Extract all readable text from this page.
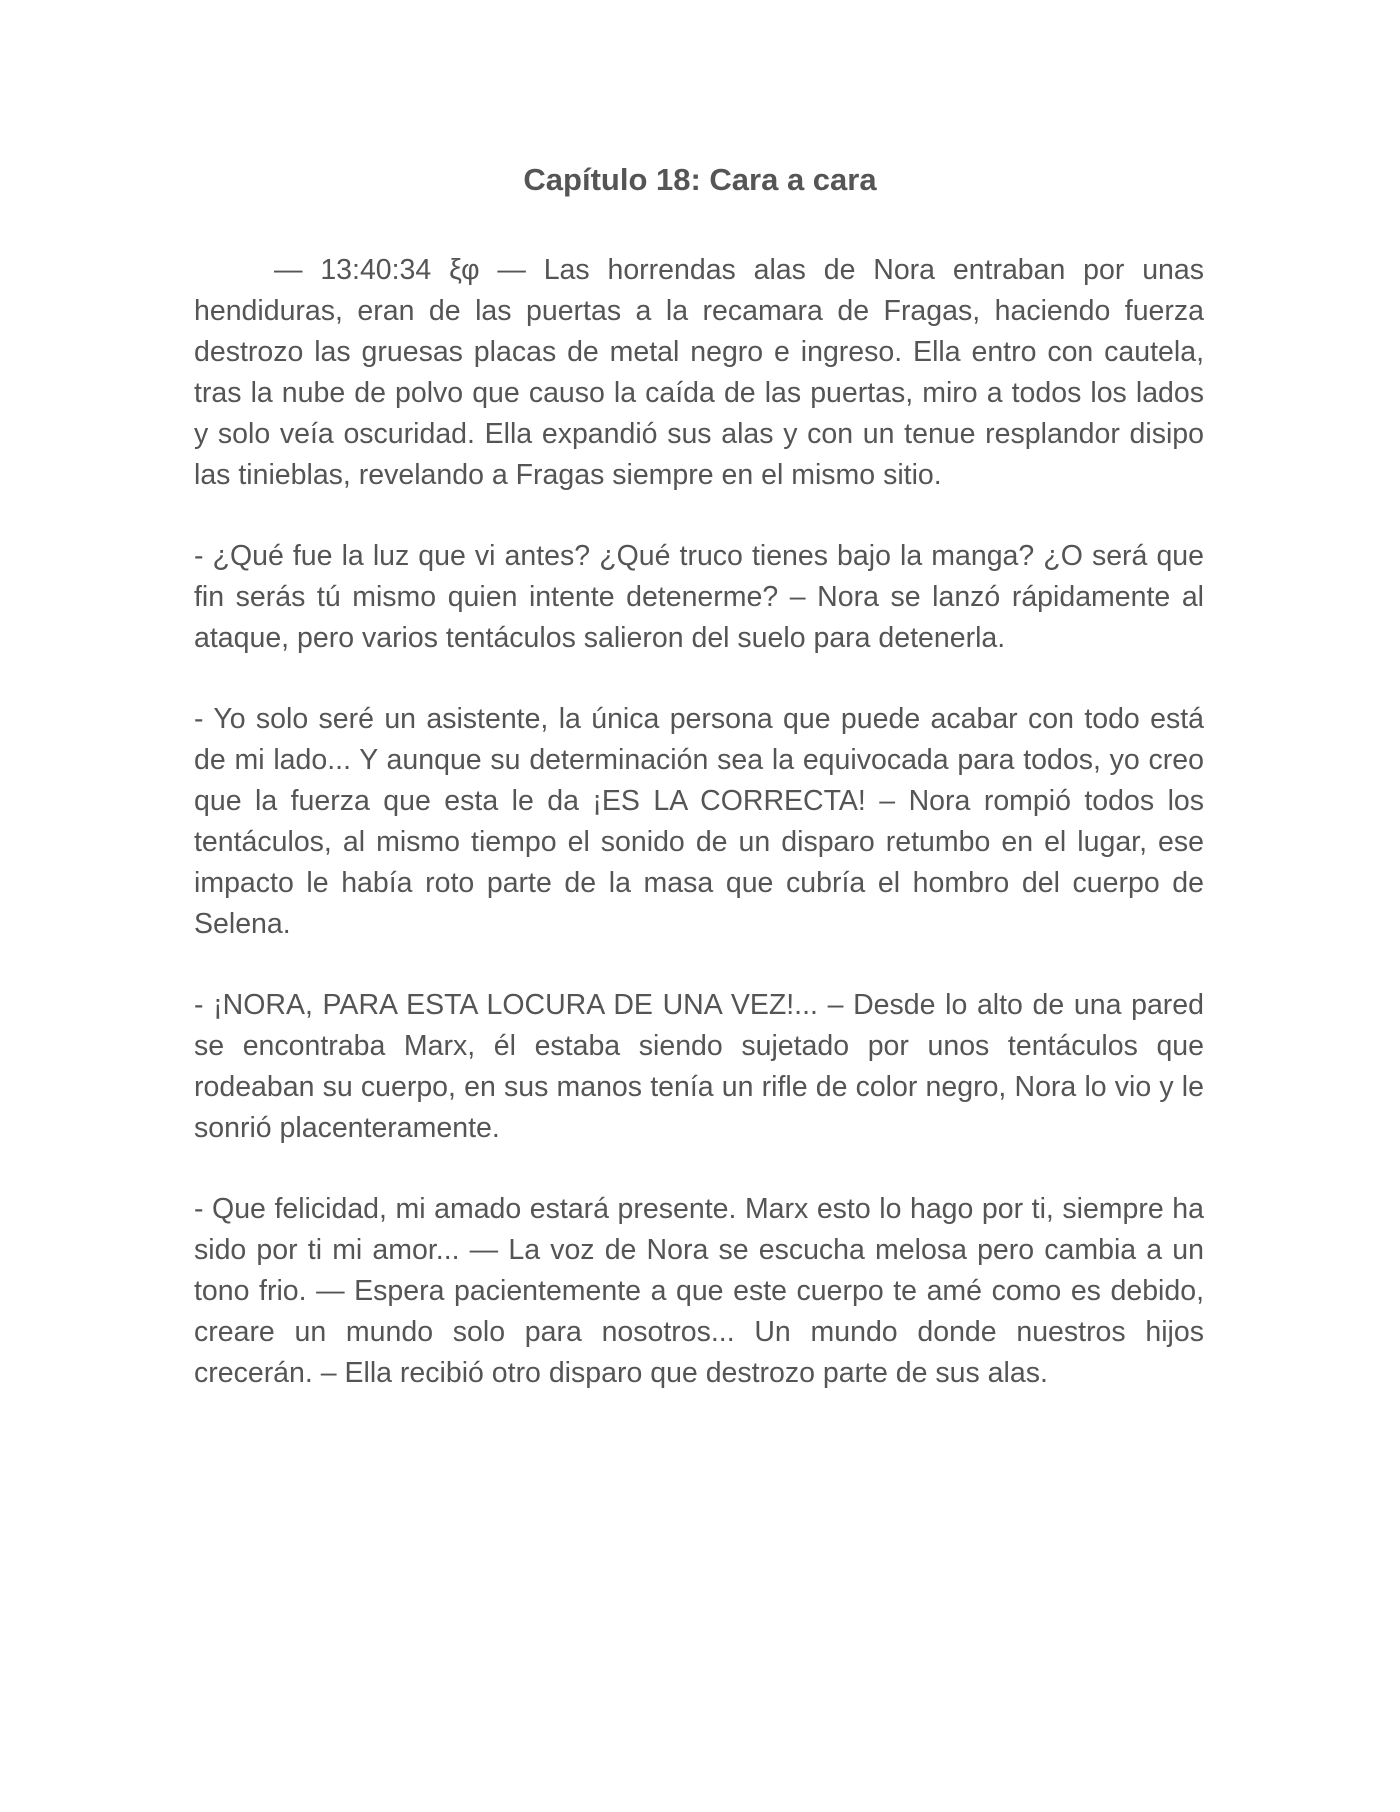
Capítulo 18: Cara a cara

— 13:40:34 ξφ — Las horrendas alas de Nora entraban por unas hendiduras, eran de las puertas a la recamara de Fragas, haciendo fuerza destrozo las gruesas placas de metal negro e ingreso. Ella entro con cautela, tras la nube de polvo que causo la caída de las puertas, miro a todos los lados y solo veía oscuridad. Ella expandió sus alas y con un tenue resplandor disipo las tinieblas, revelando a Fragas siempre en el mismo sitio.

- ¿Qué fue la luz que vi antes? ¿Qué truco tienes bajo la manga? ¿O será que fin serás tú mismo quien intente detenerme? – Nora se lanzó rápidamente al ataque, pero varios tentáculos salieron del suelo para detenerla.

- Yo solo seré un asistente, la única persona que puede acabar con todo está de mi lado... Y aunque su determinación sea la equivocada para todos, yo creo que la fuerza que esta le da ¡ES LA CORRECTA! – Nora rompió todos los tentáculos, al mismo tiempo el sonido de un disparo retumbo en el lugar, ese impacto le había roto parte de la masa que cubría el hombro del cuerpo de Selena.

- ¡NORA, PARA ESTA LOCURA DE UNA VEZ!... – Desde lo alto de una pared se encontraba Marx, él estaba siendo sujetado por unos tentáculos que rodeaban su cuerpo, en sus manos tenía un rifle de color negro, Nora lo vio y le sonrió placenteramente.

- Que felicidad, mi amado estará presente. Marx esto lo hago por ti, siempre ha sido por ti mi amor... — La voz de Nora se escucha melosa pero cambia a un tono frio. — Espera pacientemente a que este cuerpo te amé como es debido, creare un mundo solo para nosotros... Un mundo donde nuestros hijos crecerán. – Ella recibió otro disparo que destrozo parte de sus alas.
